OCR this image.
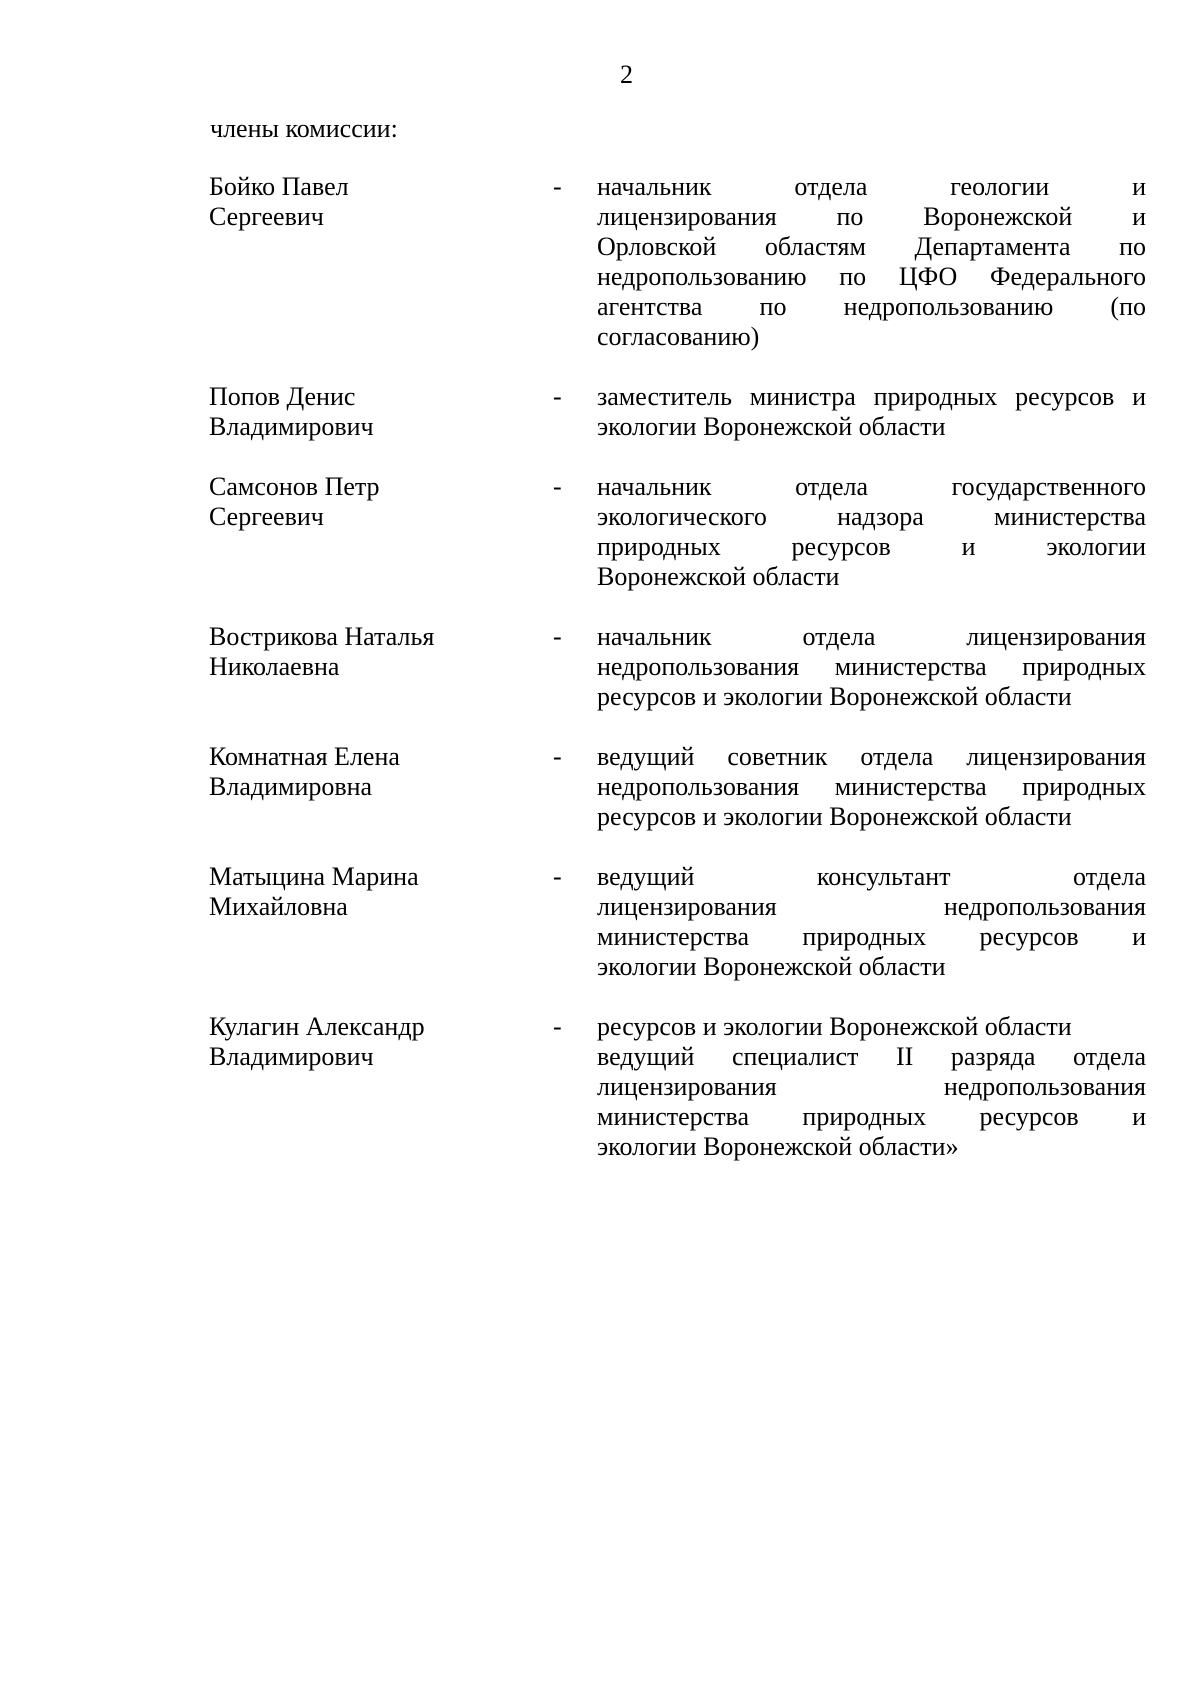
2
члены комиссии:
Бойко Павел
Сергеевич
- начальник отдела геологии и
лицензирования по Воронежской и
Орловской областям Департамента по
недропользованию по ЦФО Федерального
агентства по недропользованию (по
согласованию)
Попов Денис
Владимирович
- заместитель министра природных ресурсов и
экологии Воронежской области
Самсонов Петр
Сергеевич
- начальник отдела государственного
экологического надзора министерства
природных ресурсов и экологии
Воронежской области
Вострикова Наталья
Николаевна
- начальник отдела лицензирования
недропользования министерства природных
ресурсов и экологии Воронежской области
Комнатная Елена
Владимировна
- ведущий советник отдела лицензирования
недропользования министерства природных
ресурсов и экологии Воронежской области
Матыцина Марина
Михайловна
- ведущий консультант отдела
лицензирования недропользования
министерства природных ресурсов и
экологии Воронежской области
Кулагин Александр
Владимирович
- ресурсов и экологии Воронежской области
ведущий специалист II разряда отдела
лицензирования недропользования
министерства природных ресурсов и
экологии Воронежской области»
